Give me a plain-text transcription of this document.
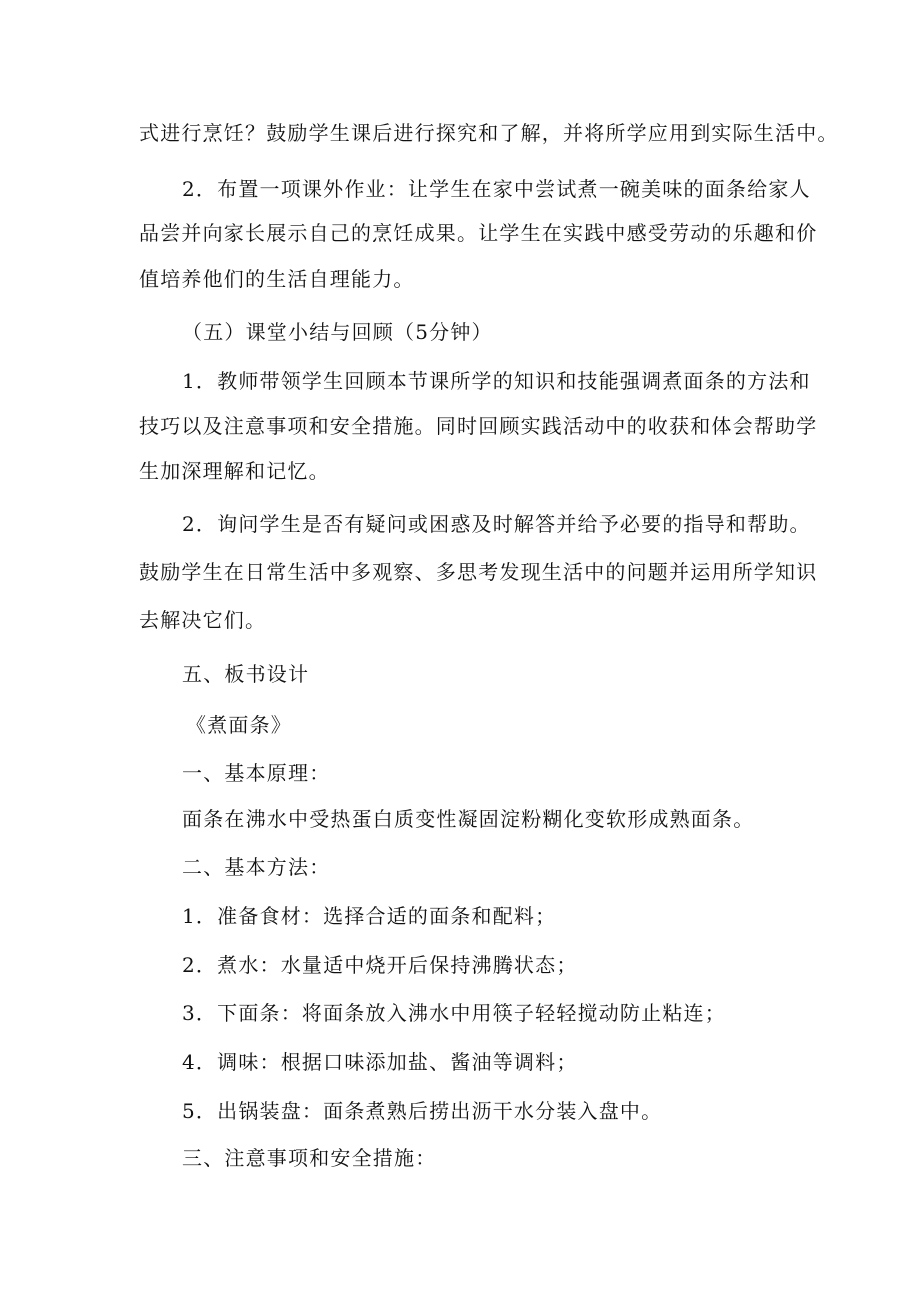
式进行烹饪？鼓励学生课后进行探究和了解，并将所学应用到实际生活中。
2．布置一项课外作业：让学生在家中尝试煮一碗美味的面条给家人
品尝并向家长展示自己的烹饪成果。让学生在实践中感受劳动的乐趣和价
值培养他们的生活自理能力。
（五）课堂小结与回顾（5分钟）
1．教师带领学生回顾本节课所学的知识和技能强调煮面条的方法和
技巧以及注意事项和安全措施。同时回顾实践活动中的收获和体会帮助学
生加深理解和记忆。
2．询问学生是否有疑问或困惑及时解答并给予必要的指导和帮助。
鼓励学生在日常生活中多观察、多思考发现生活中的问题并运用所学知识
去解决它们。
五、板书设计
《煮面条》
一、基本原理：
面条在沸水中受热蛋白质变性凝固淀粉糊化变软形成熟面条。
二、基本方法：
1．准备食材：选择合适的面条和配料；
2．煮水：水量适中烧开后保持沸腾状态；
3．下面条：将面条放入沸水中用筷子轻轻搅动防止粘连；
4．调味：根据口味添加盐、酱油等调料；
5．出锅装盘：面条煮熟后捞出沥干水分装入盘中。
三、注意事项和安全措施：
